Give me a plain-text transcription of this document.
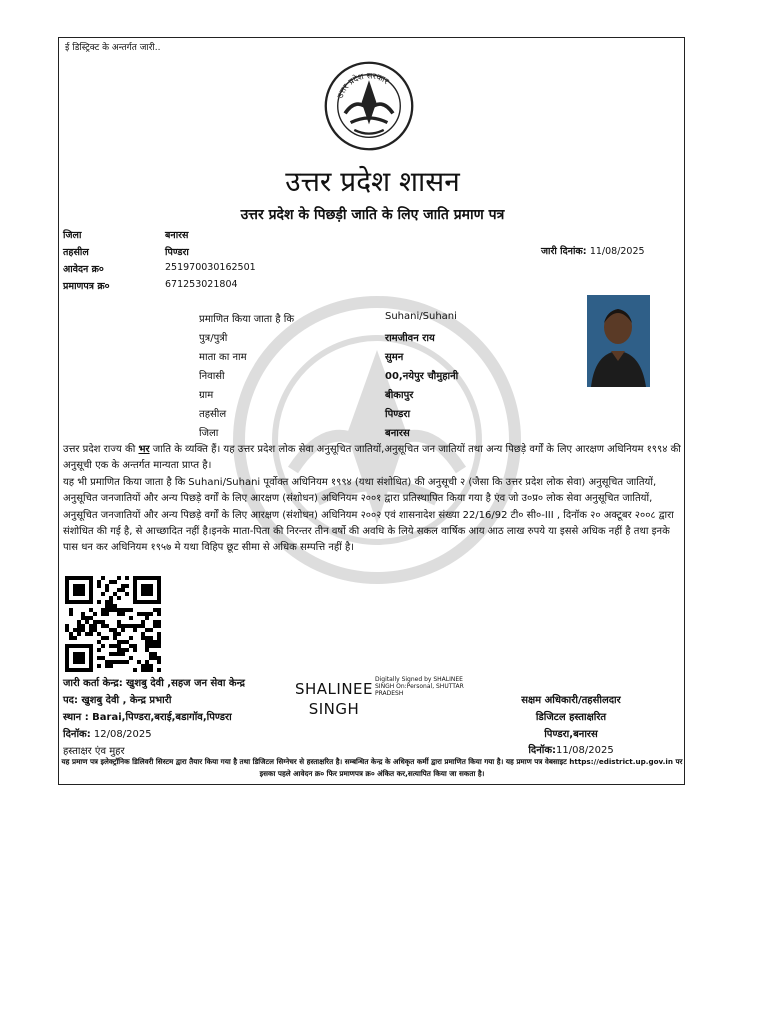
ई डिस्ट्रिक्ट के अन्तर्गत जारी..
उत्तर प्रदेश सरकार
उत्तर प्रदेश शासन
उत्तर प्रदेश के पिछड़ी जाति के लिए जाति प्रमाण पत्र
जिला	बनारस
तहसील	पिण्डरा
आवेदन क्र०	251970030162501
प्रमाणपत्र क्र०	671253021804
जारी दिनांक: 11/08/2025
प्रमाणित किया जाता है कि	Suhani/Suhani
पुत्र/पुत्री	रामजीवन राय
माता का नाम	सुमन
निवासी	00,नयेपुर चौमुहानी
ग्राम	बीकापुर
तहसील	पिण्डरा
जिला	बनारस
उत्तर प्रदेश राज्य की भर जाति के व्यक्ति हैं। यह उत्तर प्रदेश लोक सेवा अनुसूचित जातियों,अनुसूचित जन जातियों तथा अन्य पिछड़े वर्गों के लिए आरक्षण अधिनियम १९९४ की अनुसूची एक के अन्तर्गत मान्यता प्राप्त है।
यह भी प्रमाणित किया जाता है कि Suhani/Suhani पूर्वोक्त अधिनियम १९९४ (यथा संशोधित) की अनुसूची २ (जैसा कि उत्तर प्रदेश लोक सेवा) अनुसूचित जातियों, अनुसूचित जनजातियों और अन्य पिछड़े वर्गों के लिए आरक्षण (संशोधन) अधिनियम २००१ द्वारा प्रतिस्थापित किया गया है एंव जो उ०प्र० लोक सेवा अनुसूचित जातियों, अनुसूचित जनजातियों और अन्य पिछड़े वर्गों के लिए आरक्षण (संशोधन) अधिनियम २००२ एवं शासनादेश संख्या 22/16/92 टी० सी०-III , दिनॉक २० अक्टूबर २००८ द्वारा संशोधित की गई है, से आच्छादित नहीं है।इनके माता-पिता की निरन्तर तीन वर्षो की अवधि के लिये सकल वार्षिक आय आठ लाख रुपये या इससे अधिक नहीं है तथा इनके पास धन कर अधिनियम १९५७ मे यथा विहिप छूट सीमा से अधिक सम्पत्ति नहीं है।
जारी कर्ता केन्द्र: खुशबु देवी ,सहज जन सेवा केन्द्र
पद: खुशबु देवी , केन्द्र प्रभारी
स्थान : Barai,पिण्डरा,बराई,बडागॉव,पिण्डरा
दिनॉक: 12/08/2025
हस्ताक्षर एंव मुहर
SHALINEE
SINGH
Digitally Signed by SHALINEE SINGH On:Personal, SHUTTAR PRADESH
सक्षम अधिकारी/तहसीलदार
डिजिटल हस्ताक्षरित
पिण्डरा,बनारस
दिनॉक:11/08/2025
यह प्रमाण पत्र इलेक्ट्रॉनिक डिलिवरी सिस्टम द्वारा तैयार किया गया है तथा डिजिटल सिग्नेचर से हस्ताक्षरित है। सम्बन्धित केन्द्र के अधिकृत कर्मी द्वारा प्रमाणित किया गया है। यह प्रमाण पत्र वेबसाइट https://edistrict.up.gov.in पर इसका पहले आवेदन क्र० फिर प्रमाणपत्र क्र० अंकित कर,सत्यापित किया जा सकता है।
